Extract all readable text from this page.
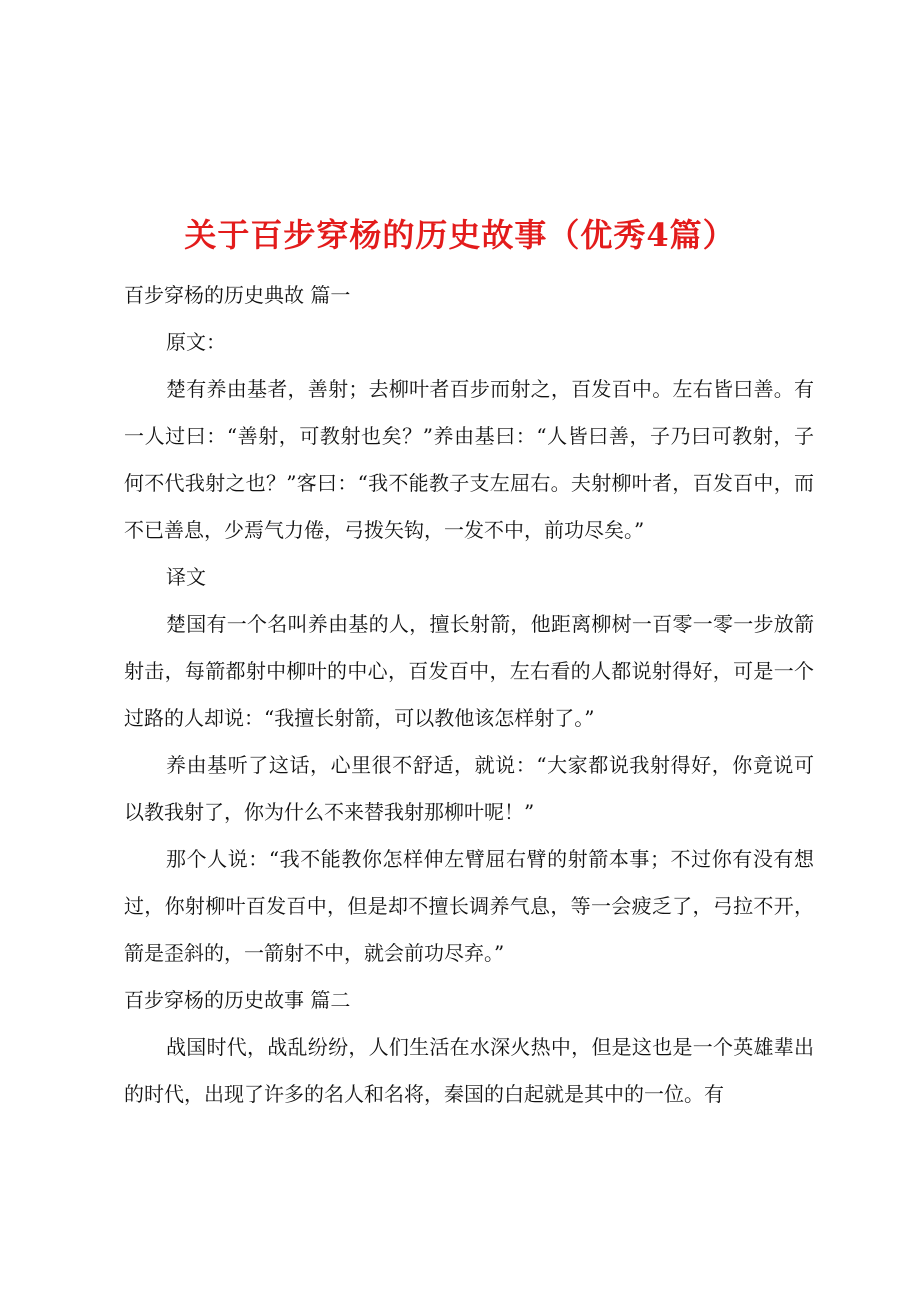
关于百步穿杨的历史故事（优秀4篇）

百步穿杨的历史典故 篇一

原文：

楚有养由基者，善射；去柳叶者百步而射之，百发百中。左右皆曰善。有一人过曰：“善射，可教射也矣？”养由基曰：“人皆曰善，子乃曰可教射，子何不代我射之也？”客曰：“我不能教子支左屈右。夫射柳叶者，百发百中，而不已善息，少焉气力倦，弓拨矢钩，一发不中，前功尽矣。”

译文

楚国有一个名叫养由基的人，擅长射箭，他距离柳树一百零一零一步放箭射击，每箭都射中柳叶的中心，百发百中，左右看的人都说射得好，可是一个过路的人却说：“我擅长射箭，可以教他该怎样射了。”

养由基听了这话，心里很不舒适，就说：“大家都说我射得好，你竟说可以教我射了，你为什么不来替我射那柳叶呢！”

那个人说：“我不能教你怎样伸左臂屈右臂的射箭本事；不过你有没有想过，你射柳叶百发百中，但是却不擅长调养气息，等一会疲乏了，弓拉不开，箭是歪斜的，一箭射不中，就会前功尽弃。”

百步穿杨的历史故事 篇二

战国时代，战乱纷纷，人们生活在水深火热中，但是这也是一个英雄辈出的时代，出现了许多的名人和名将，秦国的白起就是其中的一位。有
